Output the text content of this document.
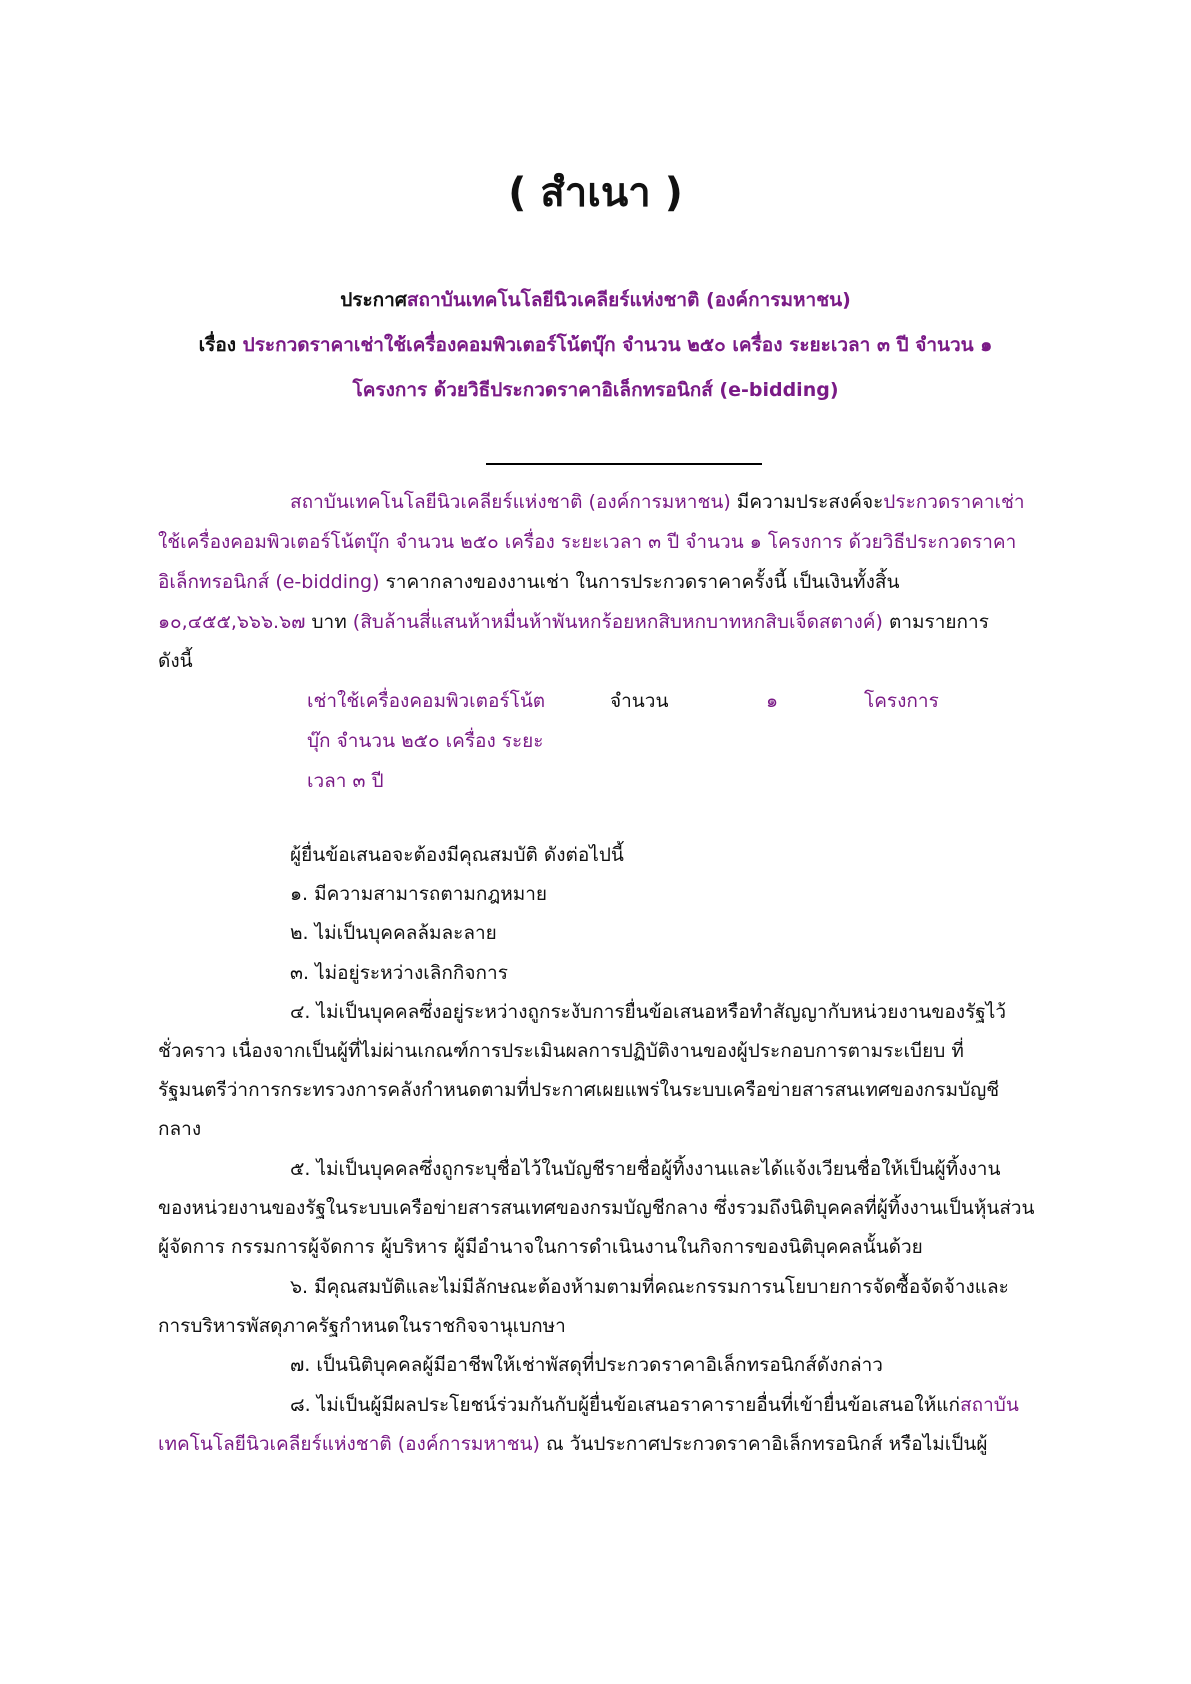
( สำเนา )
ประกาศสถาบันเทคโนโลยีนิวเคลียร์แห่งชาติ (องค์การมหาชน)
เรื่อง ประกวดราคาเช่าใช้เครื่องคอมพิวเตอร์โน้ตบุ๊ก จำนวน ๒๕๐ เครื่อง ระยะเวลา ๓ ปี จำนวน ๑
โครงการ ด้วยวิธีประกวดราคาอิเล็กทรอนิกส์ (e-bidding)
สถาบันเทคโนโลยีนิวเคลียร์แห่งชาติ (องค์การมหาชน) มีความประสงค์จะประกวดราคาเช่า
ใช้เครื่องคอมพิวเตอร์โน้ตบุ๊ก จำนวน ๒๕๐ เครื่อง ระยะเวลา ๓ ปี จำนวน ๑ โครงการ ด้วยวิธีประกวดราคา
อิเล็กทรอนิกส์ (e-bidding) ราคากลางของงานเช่า ในการประกวดราคาครั้งนี้ เป็นเงินทั้งสิ้น
๑๐,๔๕๕,๖๖๖.๖๗ บาท (สิบล้านสี่แสนห้าหมื่นห้าพันหกร้อยหกสิบหกบาทหกสิบเจ็ดสตางค์) ตามรายการ
ดังนี้
เช่าใช้เครื่องคอมพิวเตอร์โน้ต
บุ๊ก จำนวน ๒๕๐ เครื่อง ระยะ
เวลา ๓ ปี
จำนวน	๑	โครงการ
ผู้ยื่นข้อเสนอจะต้องมีคุณสมบัติ ดังต่อไปนี้
๑. มีความสามารถตามกฎหมาย
๒. ไม่เป็นบุคคลล้มละลาย
๓. ไม่อยู่ระหว่างเลิกกิจการ
๔. ไม่เป็นบุคคลซึ่งอยู่ระหว่างถูกระงับการยื่นข้อเสนอหรือทำสัญญากับหน่วยงานของรัฐไว้
ชั่วคราว เนื่องจากเป็นผู้ที่ไม่ผ่านเกณฑ์การประเมินผลการปฏิบัติงานของผู้ประกอบการตามระเบียบ ที่
รัฐมนตรีว่าการกระทรวงการคลังกำหนดตามที่ประกาศเผยแพร่ในระบบเครือข่ายสารสนเทศของกรมบัญชี
กลาง
๕. ไม่เป็นบุคคลซึ่งถูกระบุชื่อไว้ในบัญชีรายชื่อผู้ทิ้งงานและได้แจ้งเวียนชื่อให้เป็นผู้ทิ้งงาน
ของหน่วยงานของรัฐในระบบเครือข่ายสารสนเทศของกรมบัญชีกลาง ซึ่งรวมถึงนิติบุคคลที่ผู้ทิ้งงานเป็นหุ้นส่วน
ผู้จัดการ กรรมการผู้จัดการ ผู้บริหาร ผู้มีอำนาจในการดำเนินงานในกิจการของนิติบุคคลนั้นด้วย
๖. มีคุณสมบัติและไม่มีลักษณะต้องห้ามตามที่คณะกรรมการนโยบายการจัดซื้อจัดจ้างและ
การบริหารพัสดุภาครัฐกำหนดในราชกิจจานุเบกษา
๗. เป็นนิติบุคคลผู้มีอาชีพให้เช่าพัสดุที่ประกวดราคาอิเล็กทรอนิกส์ดังกล่าว
๘. ไม่เป็นผู้มีผลประโยชน์ร่วมกันกับผู้ยื่นข้อเสนอราคารายอื่นที่เข้ายื่นข้อเสนอให้แก่สถาบัน
เทคโนโลยีนิวเคลียร์แห่งชาติ (องค์การมหาชน) ณ วันประกาศประกวดราคาอิเล็กทรอนิกส์ หรือไม่เป็นผู้
